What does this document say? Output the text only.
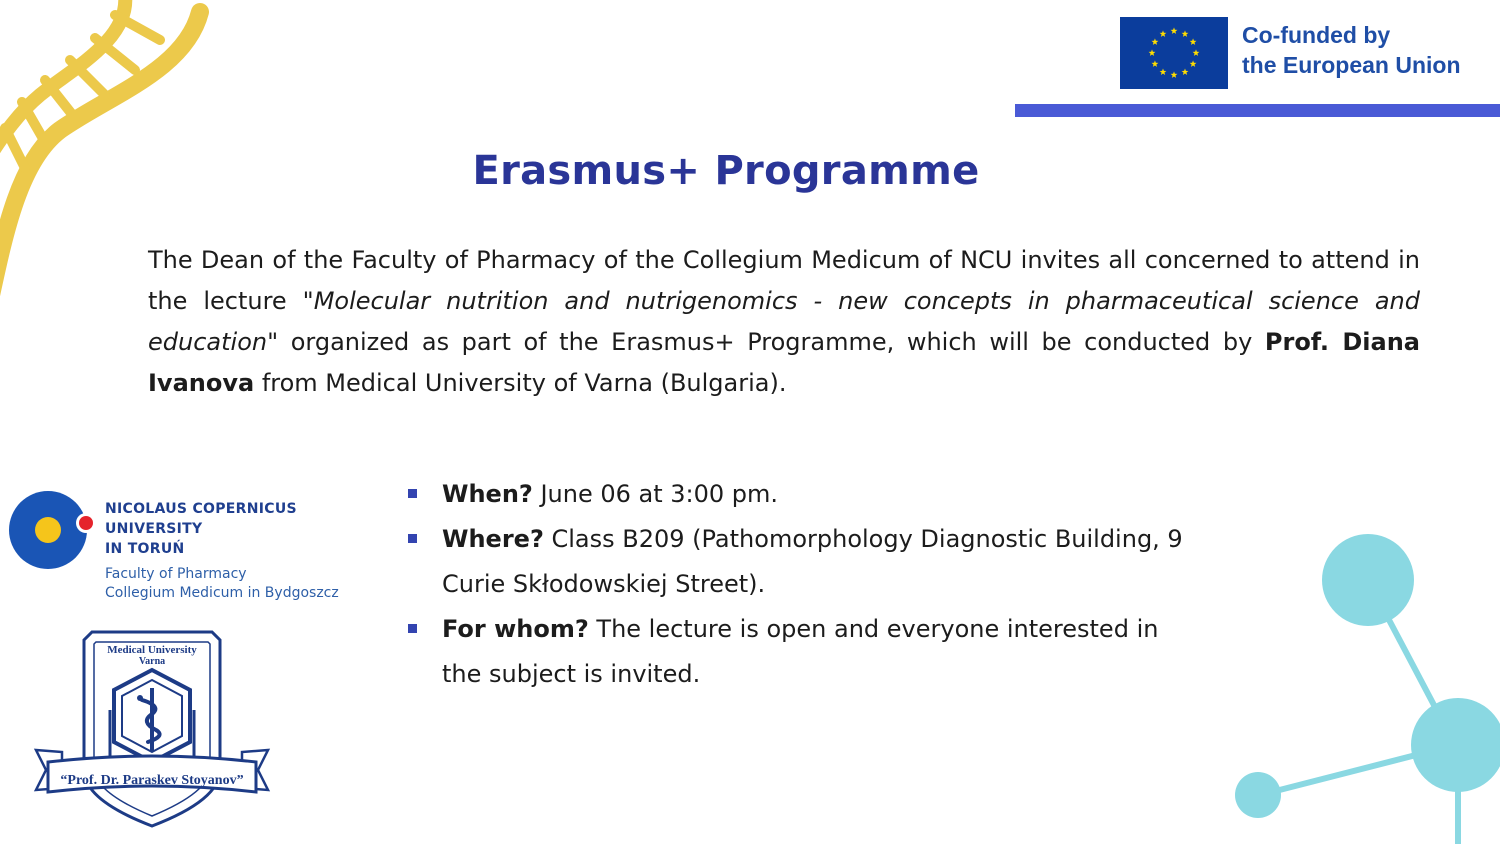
Co-funded by
the European Union
Erasmus+ Programme
The Dean of the Faculty of Pharmacy of the Collegium Medicum of NCU invites all concerned to attend in the lecture "Molecular nutrition and nutrigenomics - new concepts in pharmaceutical science and education" organized as part of the Erasmus+ Programme, which will be conducted by Prof. Diana Ivanova from Medical University of Varna (Bulgaria).
When? June 06 at 3:00 pm.
Where? Class B209 (Pathomorphology Diagnostic Building, 9 Curie Skłodowskiej Street).
For whom? The lecture is open and everyone interested in the subject is invited.
NICOLAUS COPERNICUS
UNIVERSITY
IN TORUŃ
Faculty of Pharmacy
Collegium Medicum in Bydgoszcz
Medical University
Varna
“Prof. Dr. Paraskev Stoyanov”
